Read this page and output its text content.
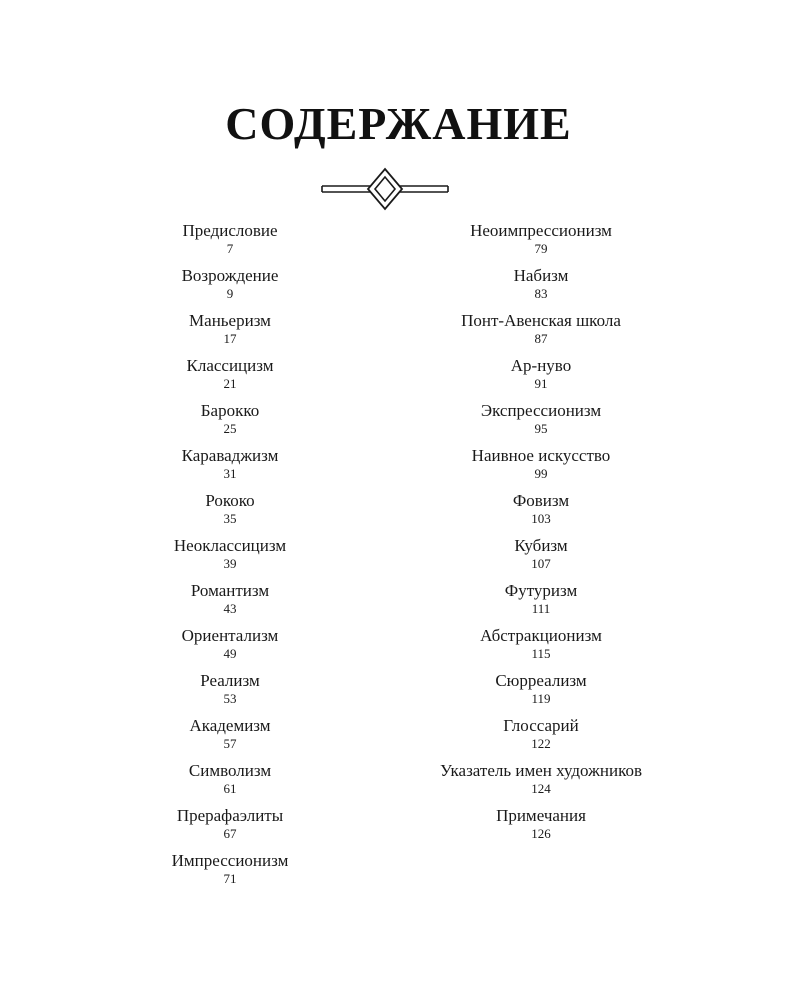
СОДЕРЖАНИЕ
Предисловие
7
Возрождение
9
Маньеризм
17
Классицизм
21
Барокко
25
Караваджизм
31
Рококо
35
Неоклассицизм
39
Романтизм
43
Ориентализм
49
Реализм
53
Академизм
57
Символизм
61
Прерафаэлиты
67
Импрессионизм
71
Неоимпрессионизм
79
Набизм
83
Понт-Авенская школа
87
Ар-нуво
91
Экспрессионизм
95
Наивное искусство
99
Фовизм
103
Кубизм
107
Футуризм
111
Абстракционизм
115
Сюрреализм
119
Глоссарий
122
Указатель имен художников
124
Примечания
126
